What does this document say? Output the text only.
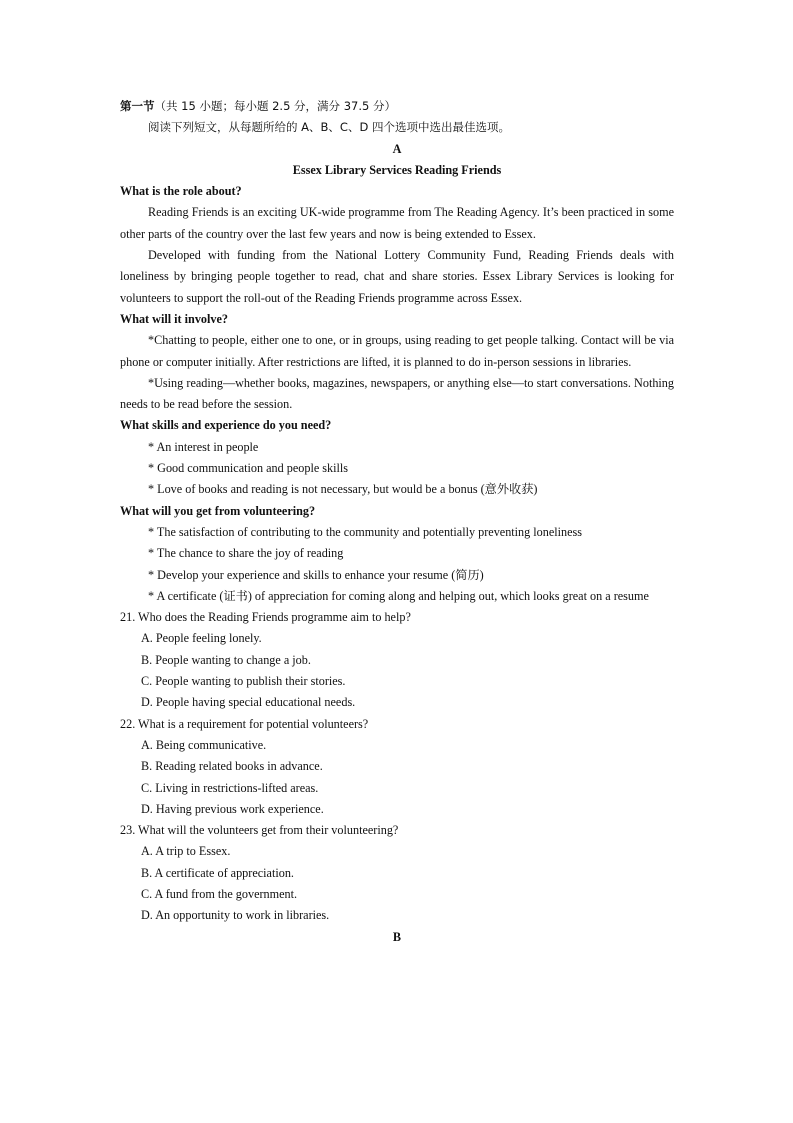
第一节（共 15 小题；每小题 2.5 分，满分 37.5 分）

阅读下列短文，从每题所给的 A、B、C、D 四个选项中选出最佳选项。

A

Essex Library Services Reading Friends

What is the role about?

Reading Friends is an exciting UK-wide programme from The Reading Agency. It’s been practiced in some other parts of the country over the last few years and now is being extended to Essex.

Developed with funding from the National Lottery Community Fund, Reading Friends deals with loneliness by bringing people together to read, chat and share stories. Essex Library Services is looking for volunteers to support the roll-out of the Reading Friends programme across Essex.

What will it involve?

*Chatting to people, either one to one, or in groups, using reading to get people talking. Contact will be via phone or computer initially. After restrictions are lifted, it is planned to do in-person sessions in libraries.

*Using reading—whether books, magazines, newspapers, or anything else—to start conversations. Nothing needs to be read before the session.

What skills and experience do you need?

* An interest in people

* Good communication and people skills

* Love of books and reading is not necessary, but would be a bonus (意外收获)

What will you get from volunteering?

* The satisfaction of contributing to the community and potentially preventing loneliness

* The chance to share the joy of reading

* Develop your experience and skills to enhance your resume (简历)

* A certificate (证书) of appreciation for coming along and helping out, which looks great on a resume

21. Who does the Reading Friends programme aim to help?

A. People feeling lonely.

B. People wanting to change a job.

C. People wanting to publish their stories.

D. People having special educational needs.

22. What is a requirement for potential volunteers?

A. Being communicative.

B. Reading related books in advance.

C. Living in restrictions-lifted areas.

D. Having previous work experience.

23. What will the volunteers get from their volunteering?

A. A trip to Essex.

B. A certificate of appreciation.

C. A fund from the government.

D. An opportunity to work in libraries.

B
